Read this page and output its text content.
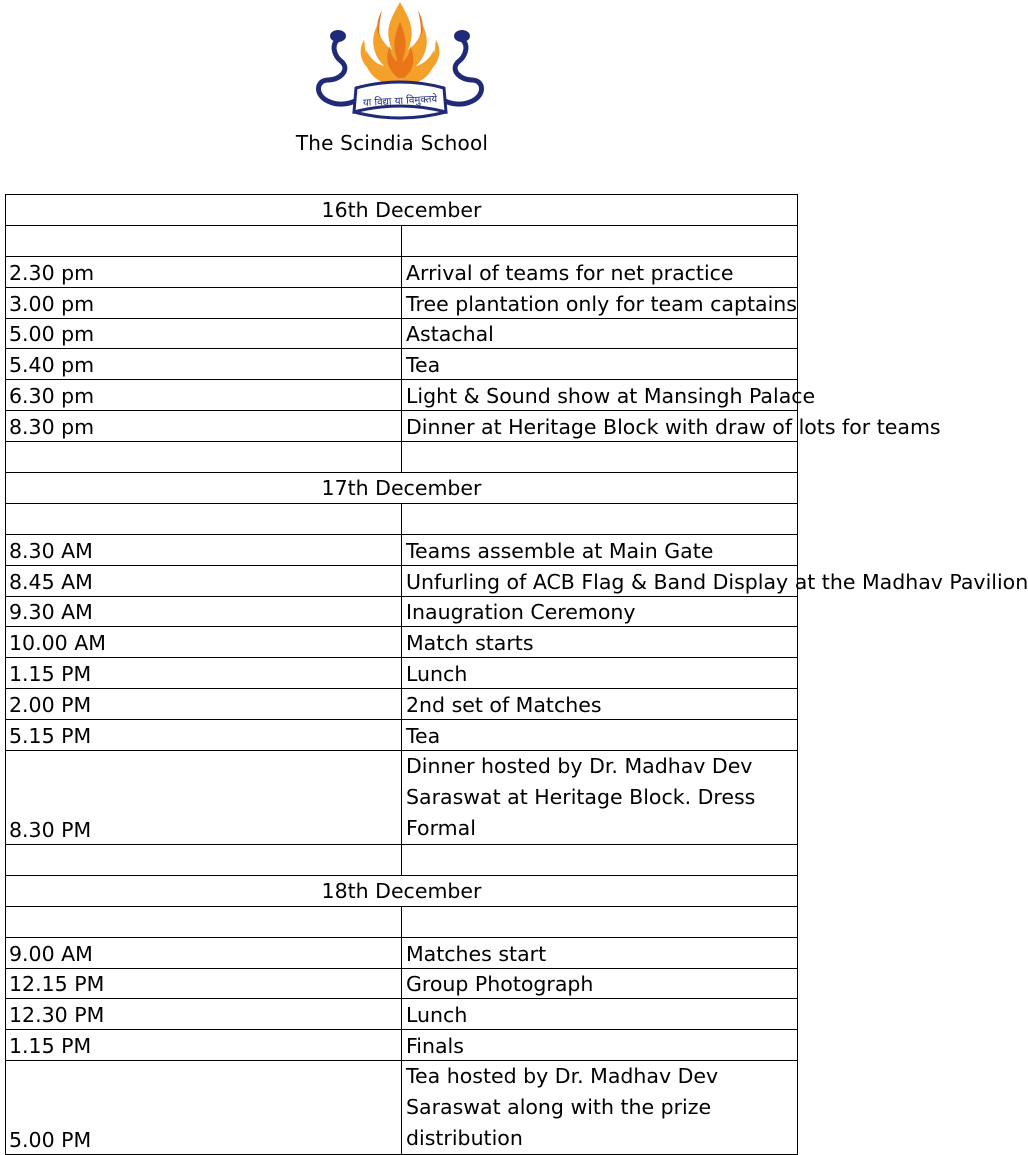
या विद्या या विमुक्तये
The Scindia School
16th December	

2.30 pm	Arrival of teams for net practice
3.00 pm	Tree plantation only for team captains
5.00 pm	Astachal
5.40 pm	Tea
6.30 pm	Light & Sound show at Mansingh Palace
8.30 pm	Dinner at Heritage Block with draw of lots for teams

17th December	

8.30 AM	Teams assemble at Main Gate
8.45 AM	Unfurling of ACB Flag & Band Display at the Madhav Pavilion
9.30 AM	Inaugration Ceremony
10.00 AM	Match starts
1.15 PM	Lunch
2.00 PM	2nd set of Matches
5.15 PM	Tea
8.30 PM	Dinner hosted by Dr. Madhav Dev Saraswat at Heritage Block. Dress Formal

18th December	

9.00 AM	Matches start
12.15 PM	Group Photograph
12.30 PM	Lunch
1.15 PM	Finals
5.00 PM	Tea hosted by Dr. Madhav Dev Saraswat along with the prize distribution
